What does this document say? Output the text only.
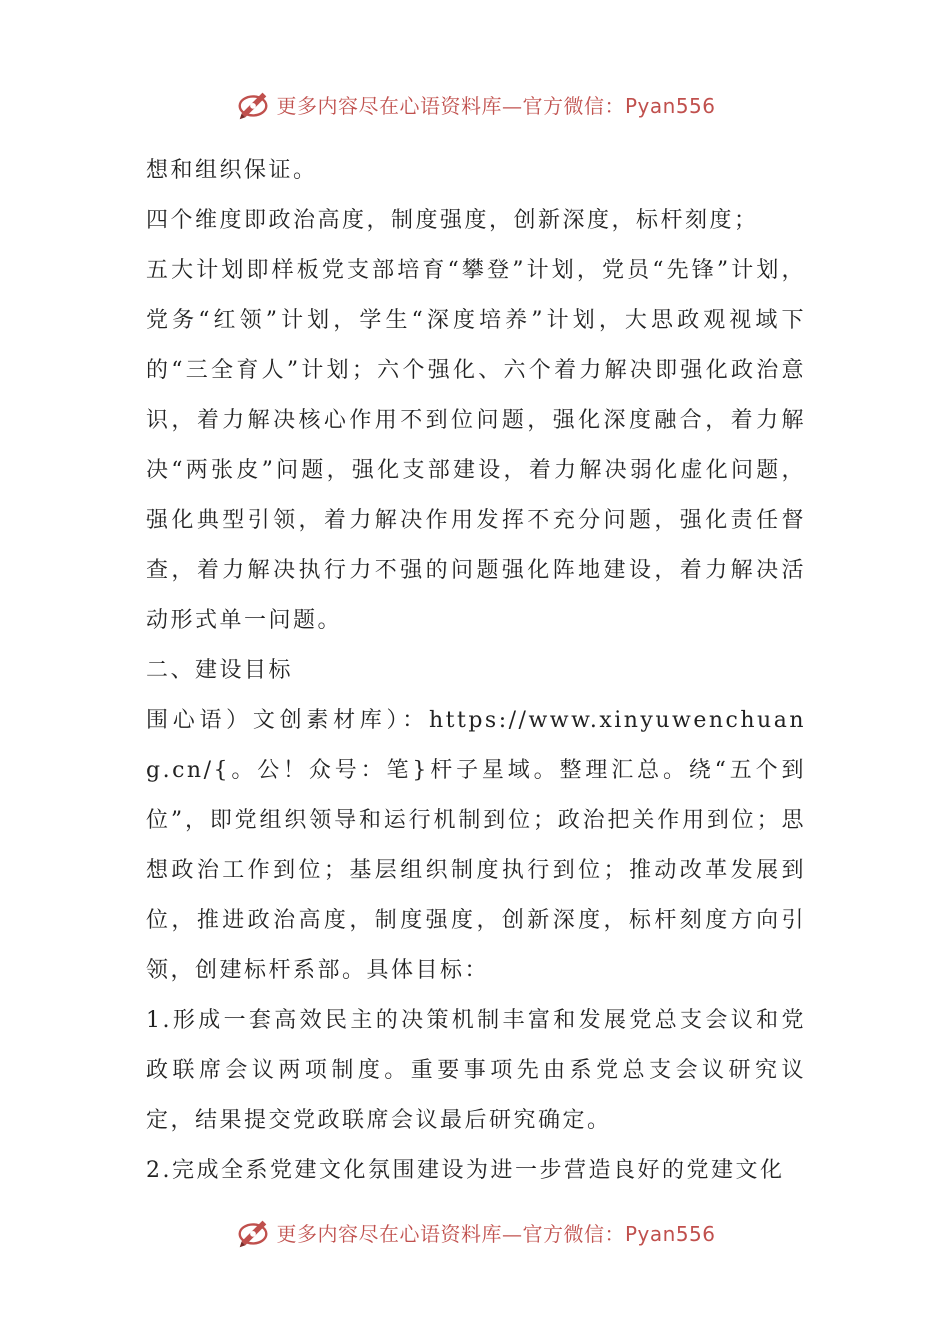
更多内容尽在心语资料库—官方微信：Pyan556

想和组织保证。

四个维度即政治高度，制度强度，创新深度，标杆刻度；

五大计划即样板党支部培育“攀登”计划，党员“先锋”计划，党务“红领”计划，学生“深度培养”计划，大思政观视域下的“三全育人”计划；六个强化、六个着力解决即强化政治意识，着力解决核心作用不到位问题，强化深度融合，着力解决“两张皮”问题，强化支部建设，着力解决弱化虚化问题，强化典型引领，着力解决作用发挥不充分问题，强化责任督查，着力解决执行力不强的问题强化阵地建设，着力解决活动形式单一问题。

二、建设目标

围心语）文创素材库）：https://www.xinyuwenchuang.cn/{。公！众号：笔}杆子星域。整理汇总。绕“五个到位”，即党组织领导和运行机制到位；政治把关作用到位；思想政治工作到位；基层组织制度执行到位；推动改革发展到位，推进政治高度，制度强度，创新深度，标杆刻度方向引领，创建标杆系部。具体目标：

1.形成一套高效民主的决策机制丰富和发展党总支会议和党政联席会议两项制度。重要事项先由系党总支会议研究议定，结果提交党政联席会议最后研究确定。

2.完成全系党建文化氛围建设为进一步营造良好的党建文化

更多内容尽在心语资料库—官方微信：Pyan556
